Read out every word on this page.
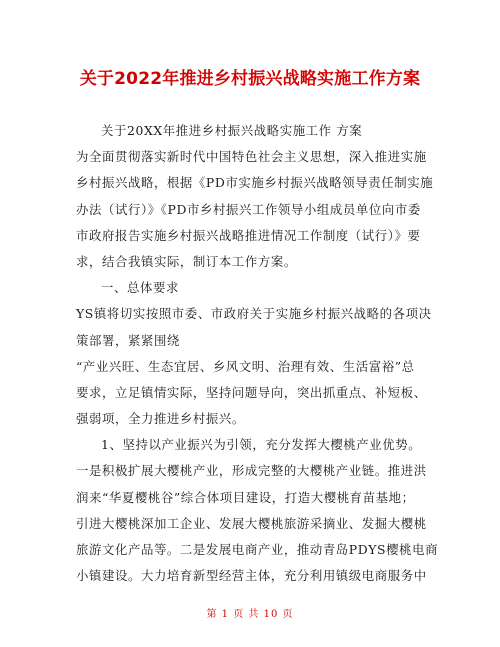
关于2022年推进乡村振兴战略实施工作方案
关于20XX年推进乡村振兴战略实施工作 方案
为全面贯彻落实新时代中国特色社会主义思想，深入推进实施
乡村振兴战略，根据《PD市实施乡村振兴战略领导责任制实施
办法（试行）》《PD市乡村振兴工作领导小组成员单位向市委
市政府报告实施乡村振兴战略推进情况工作制度（试行）》要
求，结合我镇实际，制订本工作方案。
一、总体要求
YS镇将切实按照市委、市政府关于实施乡村振兴战略的各项决
策部署，紧紧围绕
“产业兴旺、生态宜居、乡风文明、治理有效、生活富裕”总
要求，立足镇情实际，坚持问题导向，突出抓重点、补短板、
强弱项，全力推进乡村振兴。
1、坚持以产业振兴为引领，充分发挥大樱桃产业优势。
一是积极扩展大樱桃产业，形成完整的大樱桃产业链。推进洪
润来“华夏樱桃谷”综合体项目建设，打造大樱桃育苗基地；
引进大樱桃深加工企业、发展大樱桃旅游采摘业、发掘大樱桃
旅游文化产品等。二是发展电商产业，推动青岛PDYS樱桃电商
小镇建设。大力培育新型经营主体，充分利用镇级电商服务中
第 1 页 共 10 页
